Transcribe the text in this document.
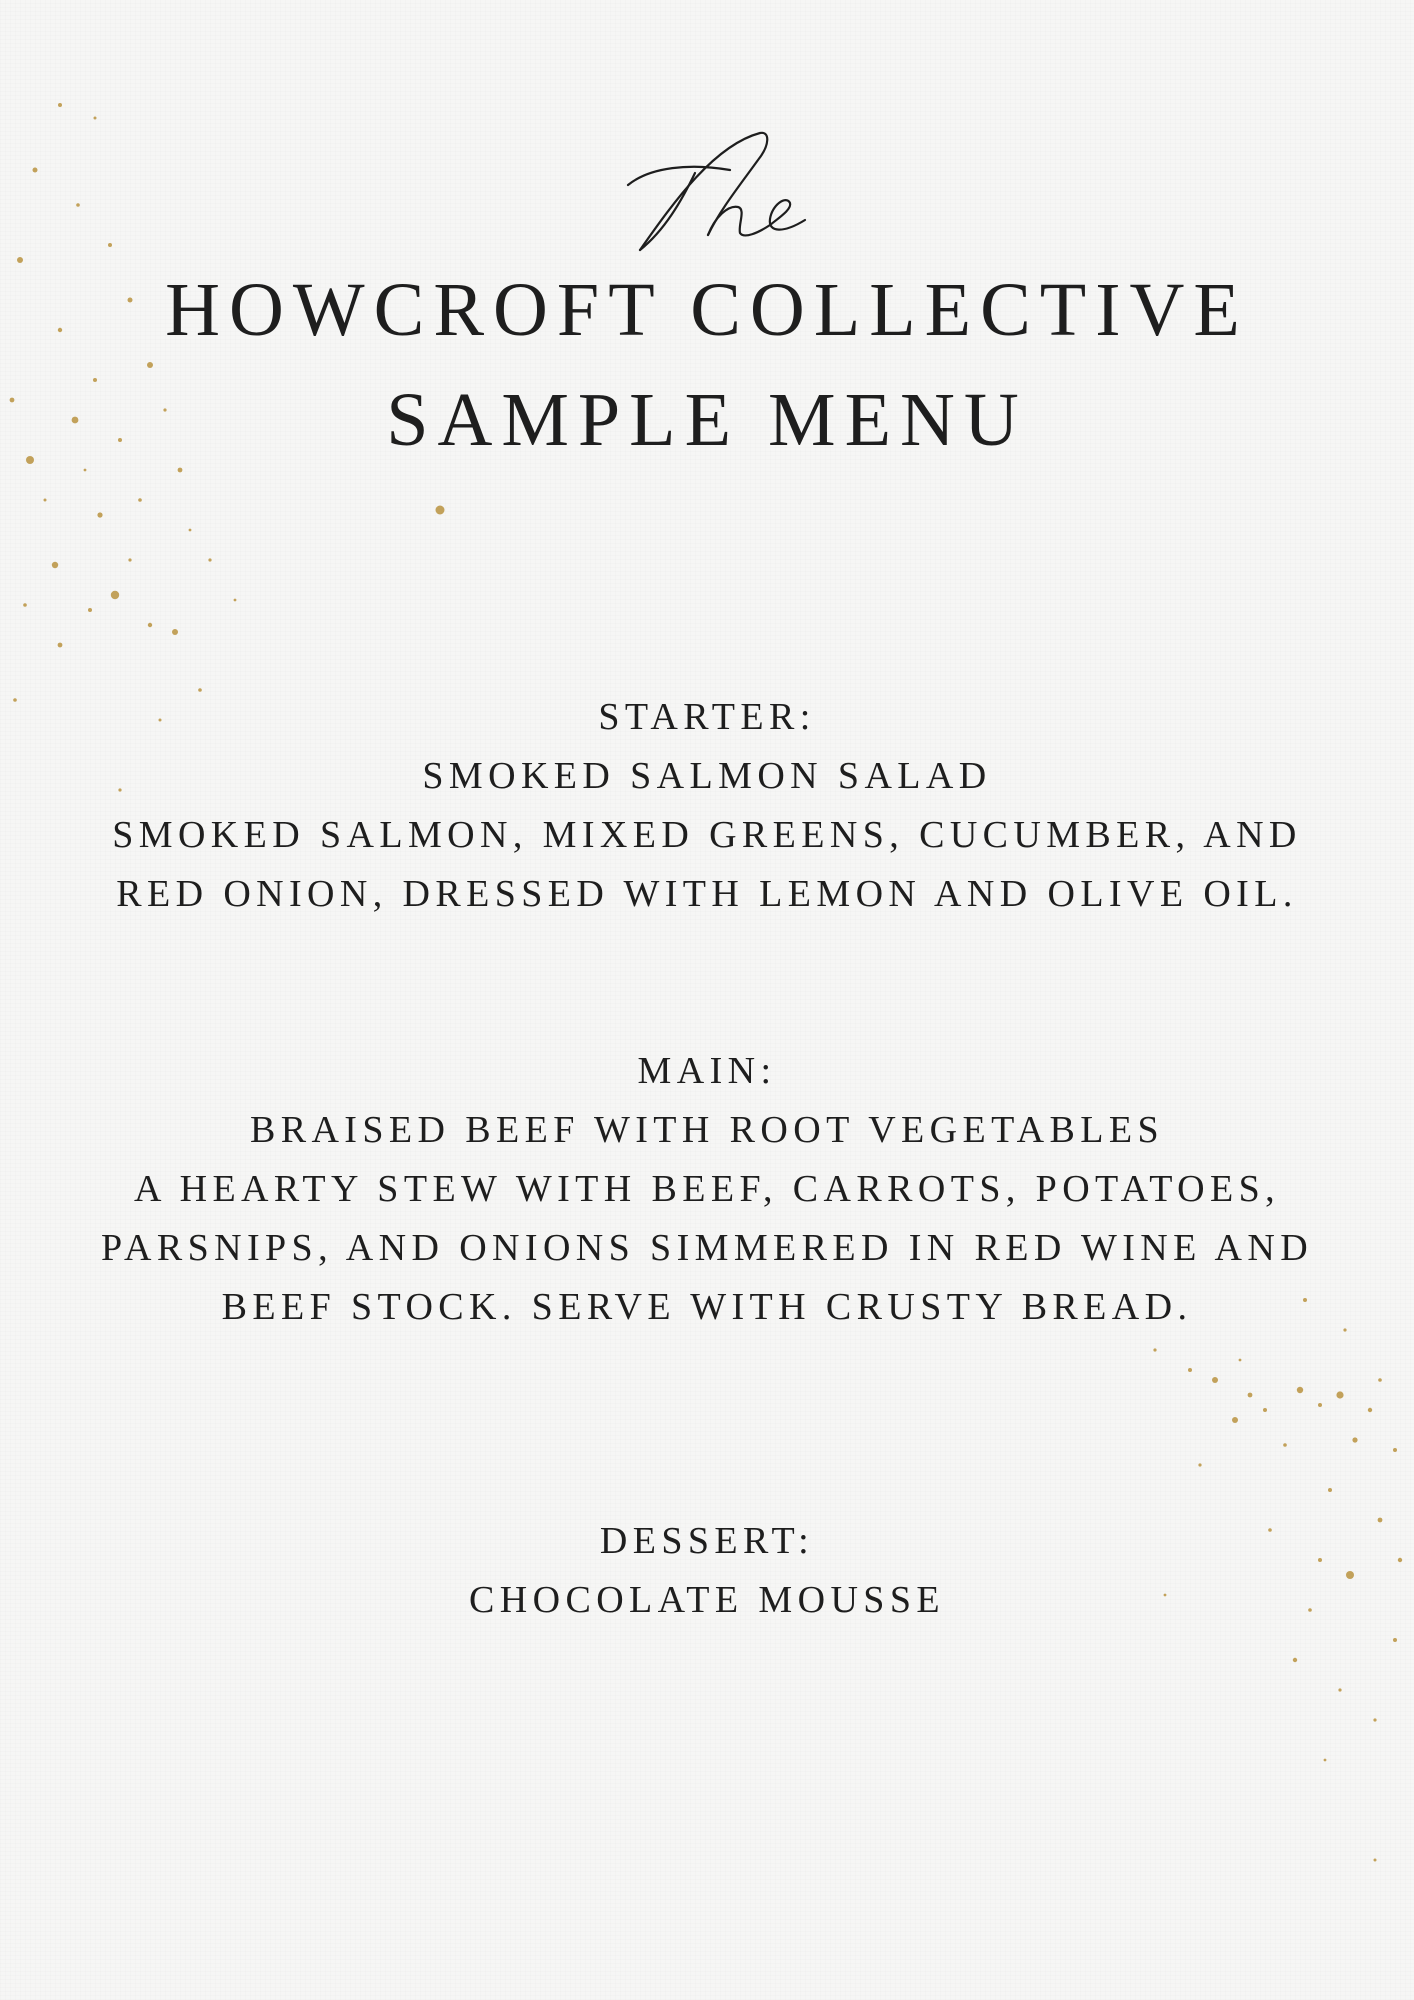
HOWCROFT COLLECTIVE
SAMPLE MENU
STARTER:
SMOKED SALMON SALAD
SMOKED SALMON, MIXED GREENS, CUCUMBER, AND
RED ONION, DRESSED WITH LEMON AND OLIVE OIL.
MAIN:
BRAISED BEEF WITH ROOT VEGETABLES
A HEARTY STEW WITH BEEF, CARROTS, POTATOES,
PARSNIPS, AND ONIONS SIMMERED IN RED WINE AND
BEEF STOCK. SERVE WITH CRUSTY BREAD.
DESSERT:
CHOCOLATE MOUSSE
